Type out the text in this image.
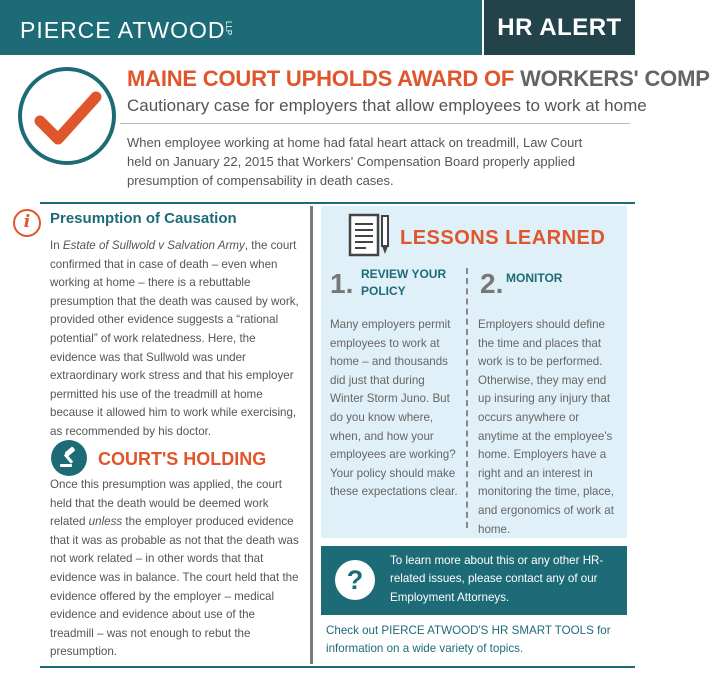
PIERCE ATWOOD
LLP	HR ALERT
MAINE COURT UPHOLDS AWARD OF WORKERS' COMP
Cautionary case for employers that allow employees to work at home
When employee working at home had fatal heart attack on treadmill, Law Court held on January 22, 2015 that Workers' Compensation Board properly applied presumption of compensability in death cases.
i	Presumption of Causation
In Estate of Sullwold v Salvation Army, the court confirmed that in case of death – even when working at home – there is a rebuttable presumption that the death was caused by work, provided other evidence suggests a “rational potential” of work relatedness. Here, the evidence was that Sullwold was under extraordinary work stress and that his employer permitted his use of the treadmill at home because it allowed him to work while exercising, as recommended by his doctor.
COURT'S HOLDING
Once this presumption was applied, the court held that the death would be deemed work related unless the employer produced evidence that it was as probable as not that the death was not work related – in other words that that evidence was in balance. The court held that the evidence offered by the employer – medical evidence and evidence about use of the treadmill – was not enough to rebut the presumption.
LESSONS LEARNED
1. REVIEW YOUR POLICY
Many employers permit employees to work at home – and thousands did just that during Winter Storm Juno. But do you know where, when, and how your employees are working? Your policy should make these expectations clear.
2. MONITOR
Employers should define the time and places that work is to be performed. Otherwise, they may end up insuring any injury that occurs anywhere or anytime at the employee's home. Employers have a right and an interest in monitoring the time, place, and ergonomics of work at home.
?
To learn more about this or any other HR-related issues, please contact any of our Employment Attorneys.
Check out PIERCE ATWOOD'S HR SMART TOOLS for information on a wide variety of topics.
